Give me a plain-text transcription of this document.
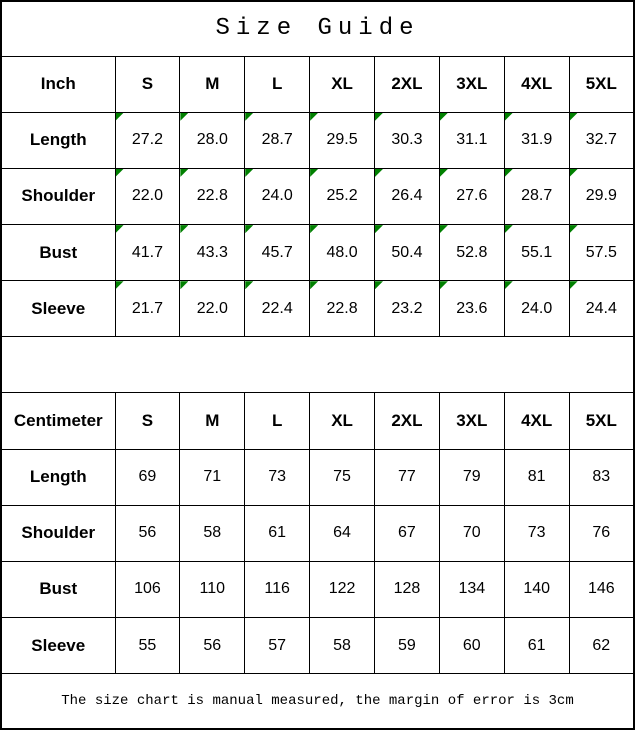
Size Guide								
Inch	S	M	L	XL	2XL	3XL	4XL	5XL
Length	27.2	28.0	28.7	29.5	30.3	31.1	31.9	32.7
Shoulder	22.0	22.8	24.0	25.2	26.4	27.6	28.7	29.9
Bust	41.7	43.3	45.7	48.0	50.4	52.8	55.1	57.5
Sleeve	21.7	22.0	22.4	22.8	23.2	23.6	24.0	24.4

Centimeter	S	M	L	XL	2XL	3XL	4XL	5XL
Length	69	71	73	75	77	79	81	83
Shoulder	56	58	61	64	67	70	73	76
Bust	106	110	116	122	128	134	140	146
Sleeve	55	56	57	58	59	60	61	62
The size chart is manual measured, the margin of error is 3cm								
